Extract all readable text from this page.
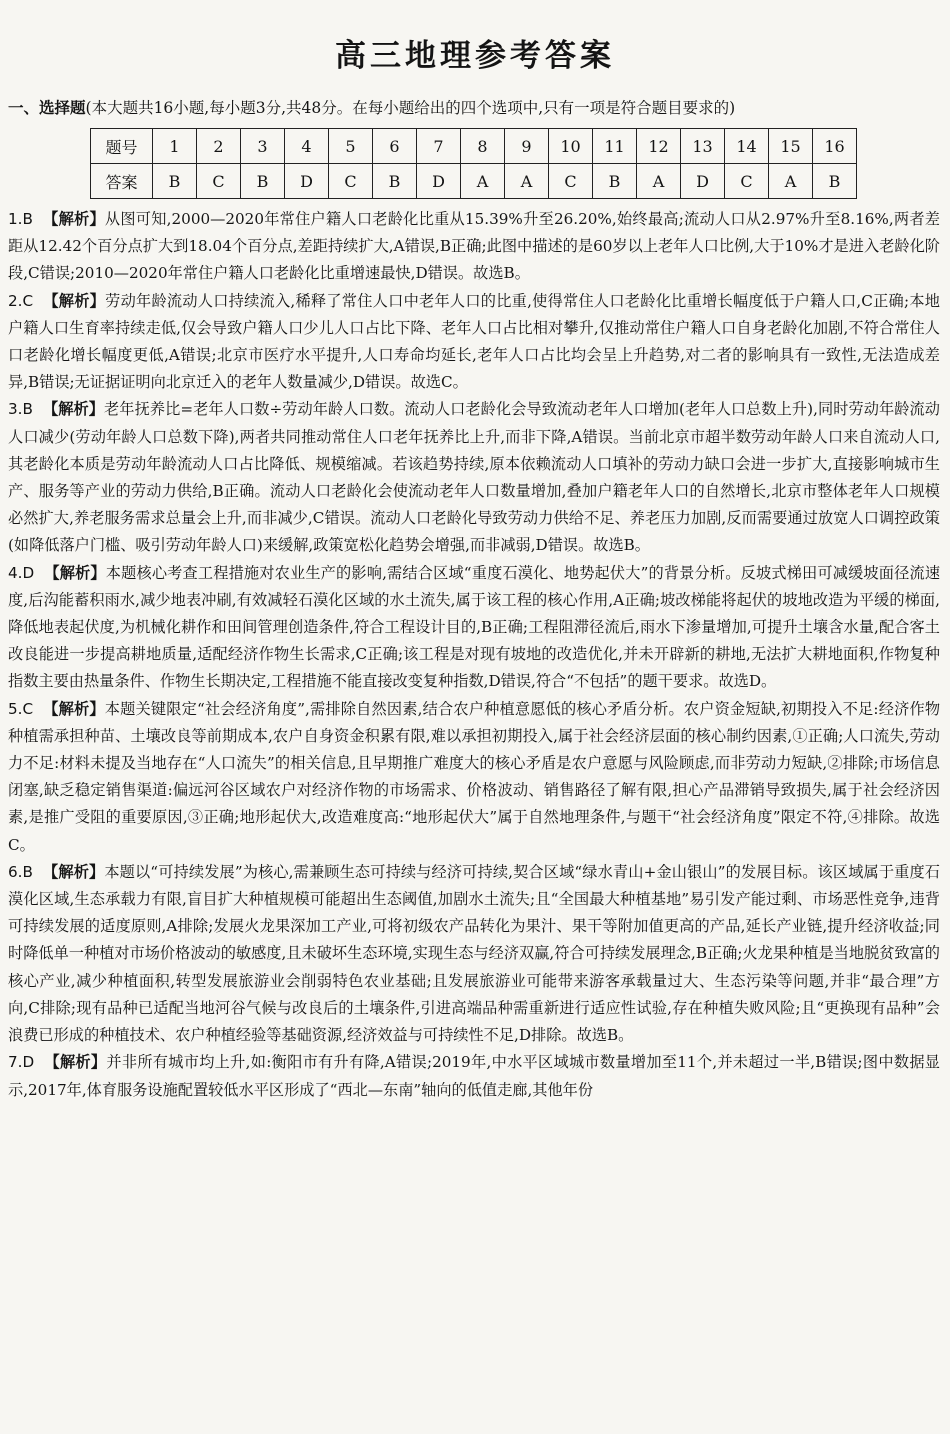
高三地理参考答案
一、选择题(本大题共16小题,每小题3分,共48分。在每小题给出的四个选项中,只有一项是符合题目要求的)
题号	1	2	3	4	5	6	7	8	9	10	11	12	13	14	15	16
答案	B	C	B	D	C	B	D	A	A	C	B	A	D	C	A	B

1.B 【解析】从图可知,2000—2020年常住户籍人口老龄化比重从15.39%升至26.20%,始终最高;流动人口从2.97%升至8.16%,两者差距从12.42个百分点扩大到18.04个百分点,差距持续扩大,A错误,B正确;此图中描述的是60岁以上老年人口比例,大于10%才是进入老龄化阶段,C错误;2010—2020年常住户籍人口老龄化比重增速最快,D错误。故选B。

2.C 【解析】劳动年龄流动人口持续流入,稀释了常住人口中老年人口的比重,使得常住人口老龄化比重增长幅度低于户籍人口,C正确;本地户籍人口生育率持续走低,仅会导致户籍人口少儿人口占比下降、老年人口占比相对攀升,仅推动常住户籍人口自身老龄化加剧,不符合常住人口老龄化增长幅度更低,A错误;北京市医疗水平提升,人口寿命均延长,老年人口占比均会呈上升趋势,对二者的影响具有一致性,无法造成差异,B错误;无证据证明向北京迁入的老年人数量减少,D错误。故选C。

3.B 【解析】老年抚养比=老年人口数÷劳动年龄人口数。流动人口老龄化会导致流动老年人口增加(老年人口总数上升),同时劳动年龄流动人口减少(劳动年龄人口总数下降),两者共同推动常住人口老年抚养比上升,而非下降,A错误。当前北京市超半数劳动年龄人口来自流动人口,其老龄化本质是劳动年龄流动人口占比降低、规模缩减。若该趋势持续,原本依赖流动人口填补的劳动力缺口会进一步扩大,直接影响城市生产、服务等产业的劳动力供给,B正确。流动人口老龄化会使流动老年人口数量增加,叠加户籍老年人口的自然增长,北京市整体老年人口规模必然扩大,养老服务需求总量会上升,而非减少,C错误。流动人口老龄化导致劳动力供给不足、养老压力加剧,反而需要通过放宽人口调控政策(如降低落户门槛、吸引劳动年龄人口)来缓解,政策宽松化趋势会增强,而非减弱,D错误。故选B。

4.D 【解析】本题核心考查工程措施对农业生产的影响,需结合区域“重度石漠化、地势起伏大”的背景分析。反坡式梯田可减缓坡面径流速度,后沟能蓄积雨水,减少地表冲刷,有效减轻石漠化区域的水土流失,属于该工程的核心作用,A正确;坡改梯能将起伏的坡地改造为平缓的梯面,降低地表起伏度,为机械化耕作和田间管理创造条件,符合工程设计目的,B正确;工程阻滞径流后,雨水下渗量增加,可提升土壤含水量,配合客土改良能进一步提高耕地质量,适配经济作物生长需求,C正确;该工程是对现有坡地的改造优化,并未开辟新的耕地,无法扩大耕地面积,作物复种指数主要由热量条件、作物生长期决定,工程措施不能直接改变复种指数,D错误,符合“不包括”的题干要求。故选D。

5.C 【解析】本题关键限定“社会经济角度”,需排除自然因素,结合农户种植意愿低的核心矛盾分析。农户资金短缺,初期投入不足:经济作物种植需承担种苗、土壤改良等前期成本,农户自身资金积累有限,难以承担初期投入,属于社会经济层面的核心制约因素,①正确;人口流失,劳动力不足:材料未提及当地存在“人口流失”的相关信息,且早期推广难度大的核心矛盾是农户意愿与风险顾虑,而非劳动力短缺,②排除;市场信息闭塞,缺乏稳定销售渠道:偏远河谷区域农户对经济作物的市场需求、价格波动、销售路径了解有限,担心产品滞销导致损失,属于社会经济因素,是推广受阻的重要原因,③正确;地形起伏大,改造难度高:“地形起伏大”属于自然地理条件,与题干“社会经济角度”限定不符,④排除。故选C。

6.B 【解析】本题以“可持续发展”为核心,需兼顾生态可持续与经济可持续,契合区域“绿水青山+金山银山”的发展目标。该区域属于重度石漠化区域,生态承载力有限,盲目扩大种植规模可能超出生态阈值,加剧水土流失;且“全国最大种植基地”易引发产能过剩、市场恶性竞争,违背可持续发展的适度原则,A排除;发展火龙果深加工产业,可将初级农产品转化为果汁、果干等附加值更高的产品,延长产业链,提升经济收益;同时降低单一种植对市场价格波动的敏感度,且未破坏生态环境,实现生态与经济双赢,符合可持续发展理念,B正确;火龙果种植是当地脱贫致富的核心产业,减少种植面积,转型发展旅游业会削弱特色农业基础;且发展旅游业可能带来游客承载量过大、生态污染等问题,并非“最合理”方向,C排除;现有品种已适配当地河谷气候与改良后的土壤条件,引进高端品种需重新进行适应性试验,存在种植失败风险;且“更换现有品种”会浪费已形成的种植技术、农户种植经验等基础资源,经济效益与可持续性不足,D排除。故选B。

7.D 【解析】并非所有城市均上升,如:衡阳市有升有降,A错误;2019年,中水平区域城市数量增加至11个,并未超过一半,B错误;图中数据显示,2017年,体育服务设施配置较低水平区形成了“西北—东南”轴向的低值走廊,其他年份
